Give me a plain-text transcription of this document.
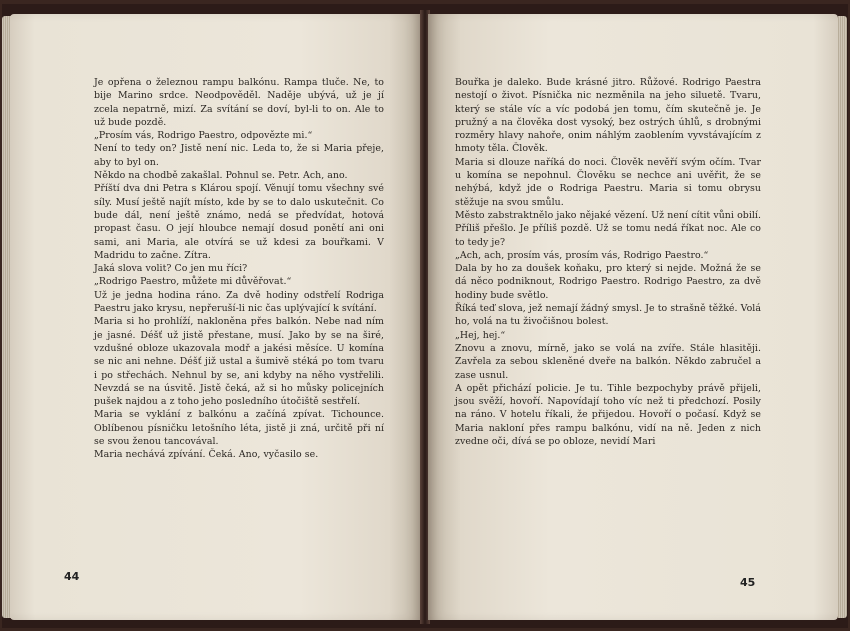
Je opřena o železnou rampu balkónu. Rampa tluče. Ne, to bije Marino srdce. Neodpověděl. Naděje ubývá, už je jí zcela nepatrně, mizí. Za svítání se doví, byl-li to on. Ale to už bude pozdě.
„Prosím vás, Rodrigo Paestro, odpovězte mi.“
Není to tedy on? Jistě není nic. Leda to, že si Maria přeje, aby to byl on.
Někdo na chodbě zakašlal. Pohnul se. Petr. Ach, ano.
Příští dva dni Petra s Klárou spojí. Věnují tomu všechny své síly. Musí ještě najít místo, kde by se to dalo uskutečnit. Co bude dál, není ještě známo, nedá se předvídat, hotová propast času. O její hloubce nemají dosud ponětí ani oni sami, ani Maria, ale otvírá se už kdesi za bouřkami. V Madridu to začne. Zítra.
Jaká slova volit? Co jen mu říci?
„Rodrigo Paestro, můžete mi důvěřovat.“
Už je jedna hodina ráno. Za dvě hodiny odstřelí Rodriga Paestru jako krysu, nepřeruší-li nic čas upl͏ývající k svítání.
Maria si ho prohlíží, nakloněna přes balkón. Nebe nad ním je jasné. Déšť už jistě přestane, musí. Jako by se na širé, vzdušné obloze ukazovala modř a jakési měsíce. U komína se nic ani nehne. Déšť již ustal a šumivě stéká po tom tvaru i po střechách. Nehnul by se, ani kdyby na něho vystřelili. Nevzdá se na úsvitě. Jistě čeká, až si ho můsky policejních pušek najdou a z toho jeho posledního útočiště sestřelí.
Maria se vyklání z balkónu a začíná zpívat. Tichounce. Oblíbenou písničku letošního léta, jistě ji zná, určitě při ní se svou ženou tancovával.
Maria nechává zpívání. Čeká. Ano, vyčasilo se.
44
Bouřka je daleko. Bude krásné jitro. Růžové. Rodrigo Paestra nestojí o život. Písnička nic nezměnila na jeho siluetě. Tvaru, který se stále víc a víc podobá jen tomu, čím skutečně je. Je pružný a na člověka dost vysoký, bez ostrých úhlů, s drobnými rozměry hlavy nahoře, onim náhlým zaoblením vyvstávajícím z hmoty těla. Člověk.
Maria si dlouze naříká do noci. Člověk nevěří svým očím. Tvar u komína se nepohnul. Člověku se nechce ani uvěřit, že se nehýbá, když jde o Rodriga Paestru. Maria si tomu obrysu stěžuje na svou smůlu.
Město zabstraktnělo jako nějaké vězení. Už není cítit vůni obilí. Příliš přešlo. Je příliš pozdě. Už se tomu nedá říkat noc. Ale co to tedy je?
„Ach, ach, prosím vás, prosím vás, Rodrigo Paestro.“
Dala by ho za doušek koňaku, pro který si nejde. Možná že se dá něco podniknout, Rodrigo Paestro. Rodrigo Paestro, za dvě hodiny bude světlo.
Říká teď slova, jež nemají žádný smysl. Je to strašně těžké. Volá ho, volá na tu živočišnou bolest.
„Hej, hej.“
Znovu a znovu, mírně, jako se volá na zvíře. Stále hlasitěji. Zavřela za sebou skleněné dveře na balkón. Někdo zabručel a zase usnul.
A opět přichází policie. Je tu. Tihle bezpochyby právě přijeli, jsou svěží, hovoří. Napovídají toho víc než ti předchozí. Posily na ráno. V hotelu říkali, že přijedou. Hovoří o počasí. Když se Maria nakloní přes rampu balkónu, vidí na ně. Jeden z nich zvedne oči, dívá se po obloze, nevidí Mari
45
